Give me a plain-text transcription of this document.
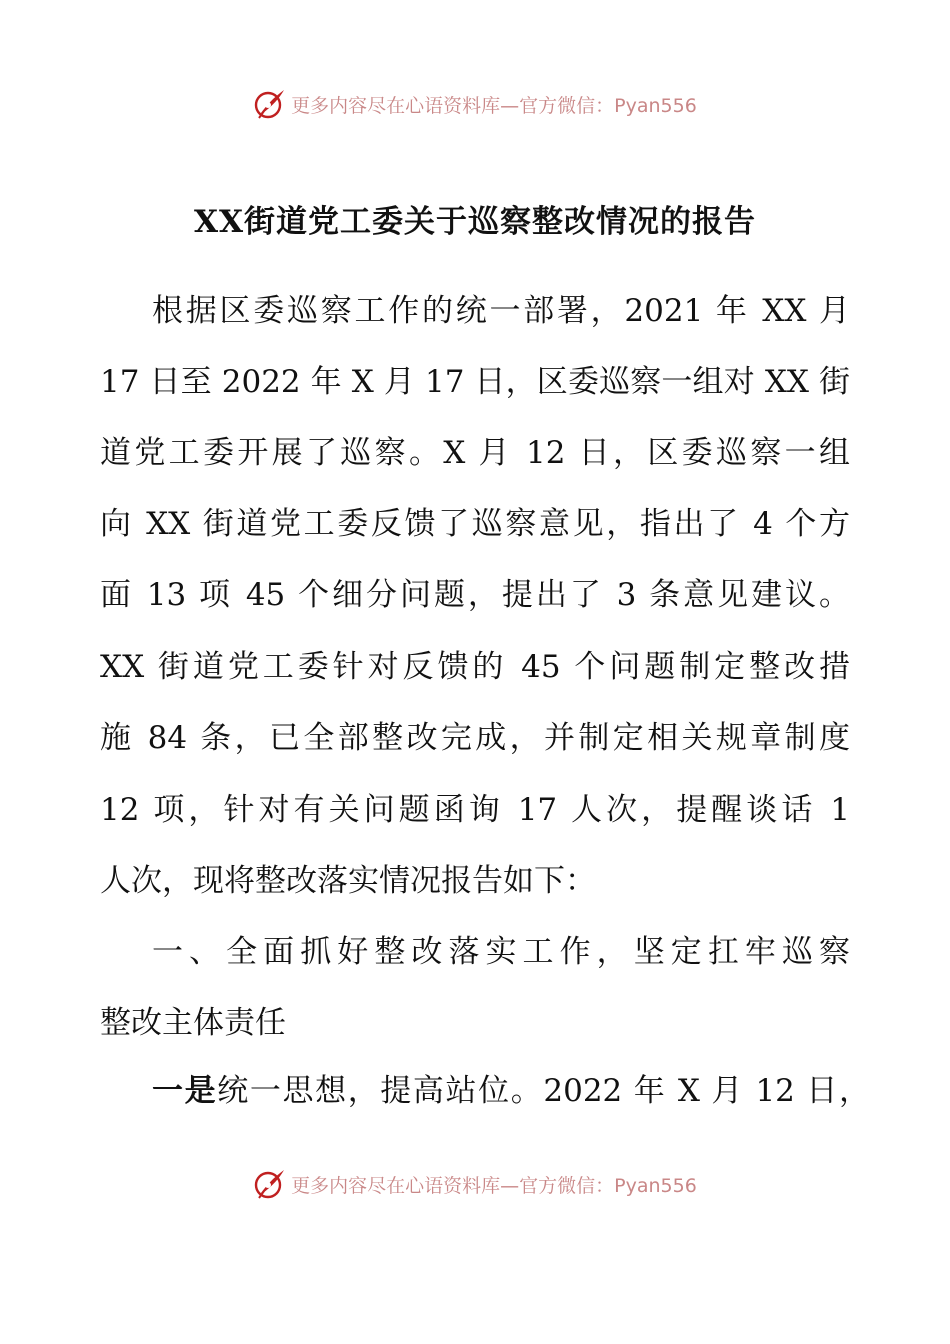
更多内容尽在心语资料库—官方微信：Pyan556
XX街道党工委关于巡察整改情况的报告
根据区委巡察工作的统一部署，2021 年 XX 月
17 日至 2022 年 X 月 17 日，区委巡察一组对 XX 街
道党工委开展了巡察。X 月 12 日，区委巡察一组
向 XX 街道党工委反馈了巡察意见，指出了 4 个方
面 13 项 45 个细分问题，提出了 3 条意见建议。
XX 街道党工委针对反馈的 45 个问题制定整改措
施 84 条，已全部整改完成，并制定相关规章制度
12 项，针对有关问题函询 17 人次，提醒谈话 1
人次，现将整改落实情况报告如下：
一、全面抓好整改落实工作，坚定扛牢巡察
整改主体责任
一是统一思想，提高站位。2022 年 X 月 12 日，
更多内容尽在心语资料库—官方微信：Pyan556
